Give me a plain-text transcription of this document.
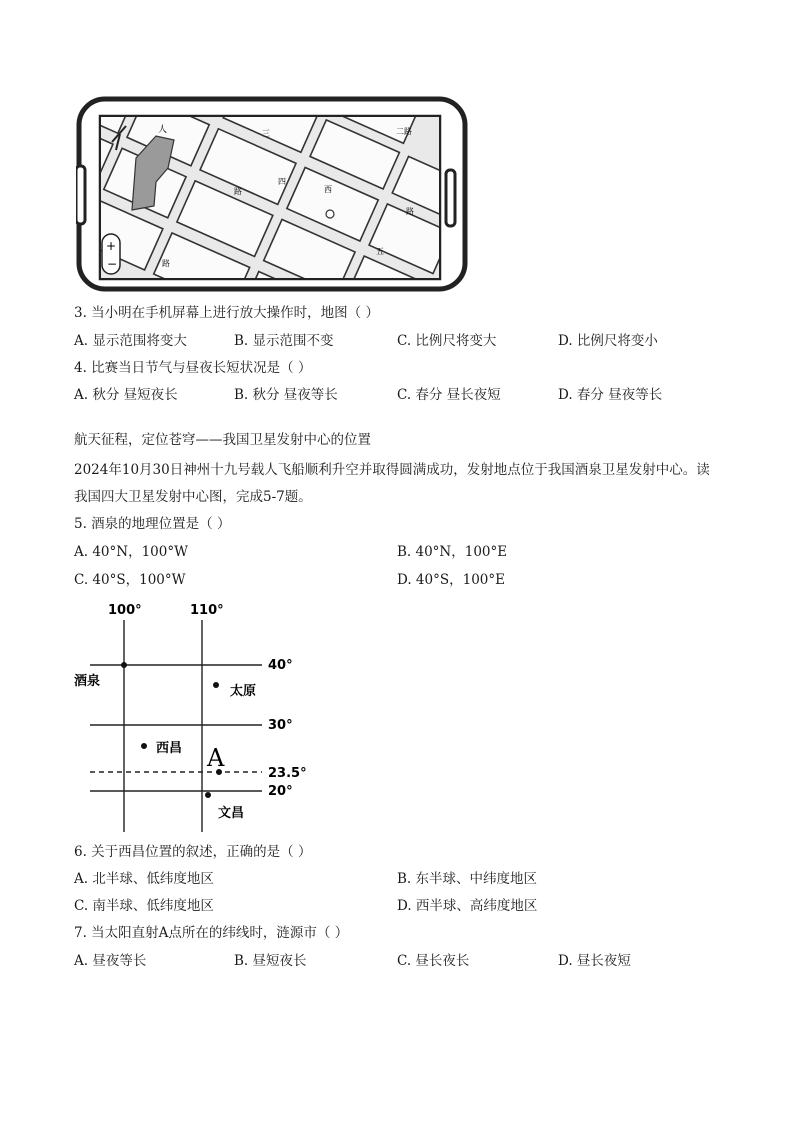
人
四
西
路
三
路
五
二路
路
+
−
3. 当小明在手机屏幕上进行放大操作时，地图（ ）
A. 显示范围将变大	B. 显示范围不变	C. 比例尺将变大	D. 比例尺将变小
4. 比赛当日节气与昼夜长短状况是（ ）
A. 秋分 昼短夜长	B. 秋分 昼夜等长	C. 春分 昼长夜短	D. 春分 昼夜等长
航天征程，定位苍穹——我国卫星发射中心的位置
2024年10月30日神州十九号载人飞船顺利升空并取得圆满成功，发射地点位于我国酒泉卫星发射中心。读
我国四大卫星发射中心图，完成5-7题。
5. 酒泉的地理位置是（ ）
A. 40°N，100°W	B. 40°N，100°E
C. 40°S，100°W	D. 40°S，100°E
100°	110°
40°
30°
23.5°
20°
酒泉
太原
西昌 A
文昌
6. 关于西昌位置的叙述，正确的是（ ）
A. 北半球、低纬度地区	B. 东半球、中纬度地区
C. 南半球、低纬度地区	D. 西半球、高纬度地区
7. 当太阳直射A点所在的纬线时，涟源市（ ）
A. 昼夜等长	B. 昼短夜长	C. 昼长夜长	D. 昼长夜短
